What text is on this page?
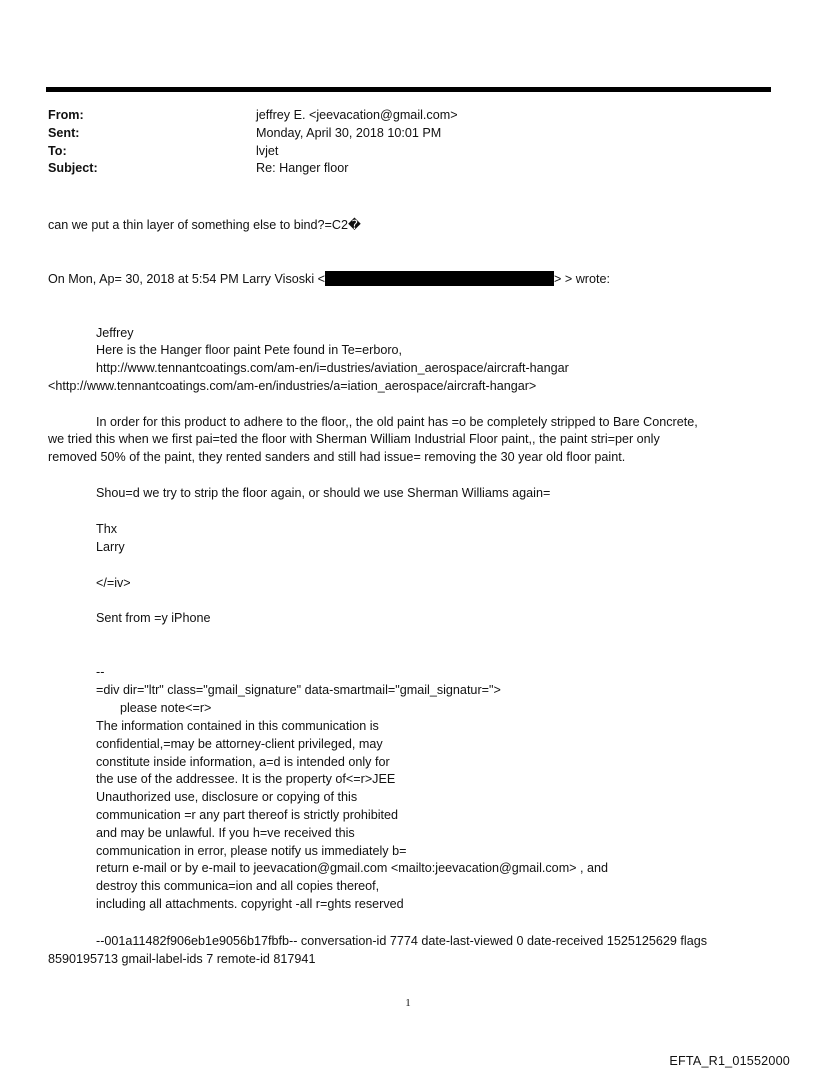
From:	jeffrey E. <jeevacation@gmail.com>
Sent:	Monday, April 30, 2018 10:01 PM
To:	lvjet
Subject:	Re: Hanger floor
can we put a thin layer of something else to bind?=C2�
On Mon, Ap= 30, 2018 at 5:54 PM Larry Visoski <	> > wrote:
Jeffrey
Here is the Hanger floor paint Pete found in Te=erboro,
http://www.tennantcoatings.com/am-en/i=dustries/aviation_aerospace/aircraft-hangar
<http://www.tennantcoatings.com/am-en/industries/a=iation_aerospace/aircraft-hangar>
In order for this product to adhere to the floor,, the old paint has =o be completely stripped to Bare Concrete,
we tried this when we first pai=ted the floor with Sherman William Industrial Floor paint,, the paint stri=per only
removed 50% of the paint, they rented sanders and still had issue= removing the 30 year old floor paint.
Shou=d we try to strip the floor again, or should we use Sherman Williams again=
Thx
Larry
</=iv>
Sent from =y iPhone
--
=div dir="ltr" class="gmail_signature" data-smartmail="gmail_signatur=">
please note<=r>
The information contained in this communication is
confidential,=may be attorney-client privileged, may
constitute inside information, a=d is intended only for
the use of the addressee. It is the property of<=r>JEE
Unauthorized use, disclosure or copying of this
communication =r any part thereof is strictly prohibited
and may be unlawful. If you h=ve received this
communication in error, please notify us immediately b=
return e-mail or by e-mail to jeevacation@gmail.com <mailto:jeevacation@gmail.com> , and
destroy this communica=ion and all copies thereof,
including all attachments. copyright -all r=ghts reserved
--001a11482f906eb1e9056b17fbfb-- conversation-id 7774 date-last-viewed 0 date-received 1525125629 flags
8590195713 gmail-label-ids 7 remote-id 817941
1
EFTA_R1_01552000
